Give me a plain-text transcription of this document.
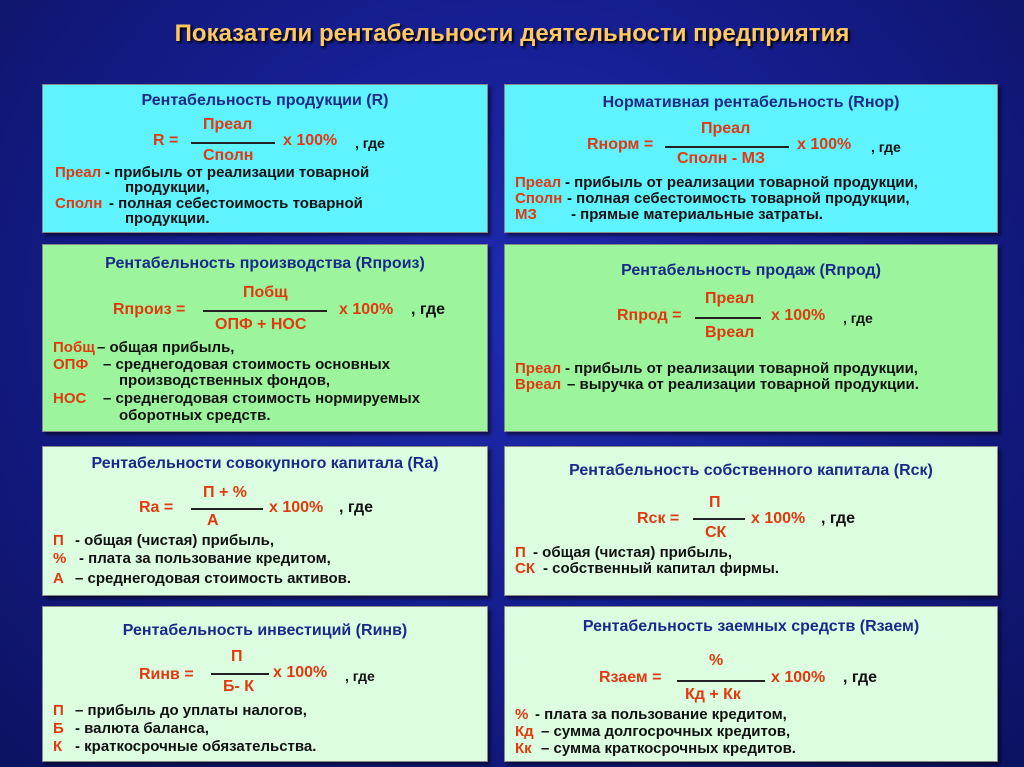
Показатели рентабельности деятельности предприятия
Рентабельность продукции (R)
R =
Преал
Сполн
х 100% , где
Преал - прибыль от реализации товарной
продукции,
Сполн - полная себестоимость товарной
продукции.
Нормативная рентабельность (Rнор)
Rнорм =
Преал
Сполн - МЗ
х 100% , где
Преал - прибыль от реализации товарной продукции,
Сполн - полная себестоимость товарной продукции,
МЗ - прямые материальные затраты.
Рентабельность производства (Rпроиз)
Rпроиз =
Побщ
ОПФ + НОС
х 100% , где
Побщ – общая прибыль,
ОПФ – среднегодовая стоимость основных
производственных фондов,
НОС – среднегодовая стоимость нормируемых
оборотных средств.
Рентабельность продаж (Rпрод)
Rпрод =
Преал
Вреал
х 100% , где
Преал - прибыль от реализации товарной продукции,
Вреал – выручка от реализации товарной продукции.
Рентабельности совокупного капитала (Ra)
Ra =
П + %
А
х 100% , где
П - общая (чистая) прибыль,
% - плата за пользование кредитом,
А – среднегодовая стоимость активов.
Рентабельность собственного капитала (Rск)
Rск =
П
СК
х 100% , где
П - общая (чистая) прибыль,
СК - собственный капитал фирмы.
Рентабельность инвестиций (Rинв)
Rинв =
П
Б- К
х 100% , где
П – прибыль до уплаты налогов,
Б - валюта баланса,
К - краткосрочные обязательства.
Рентабельность заемных средств (Rзаем)
Rзаем =
%
Кд + Кк
х 100% , где
% - плата за пользование кредитом,
Кд – сумма долгосрочных кредитов,
Кк – сумма краткосрочных кредитов.
